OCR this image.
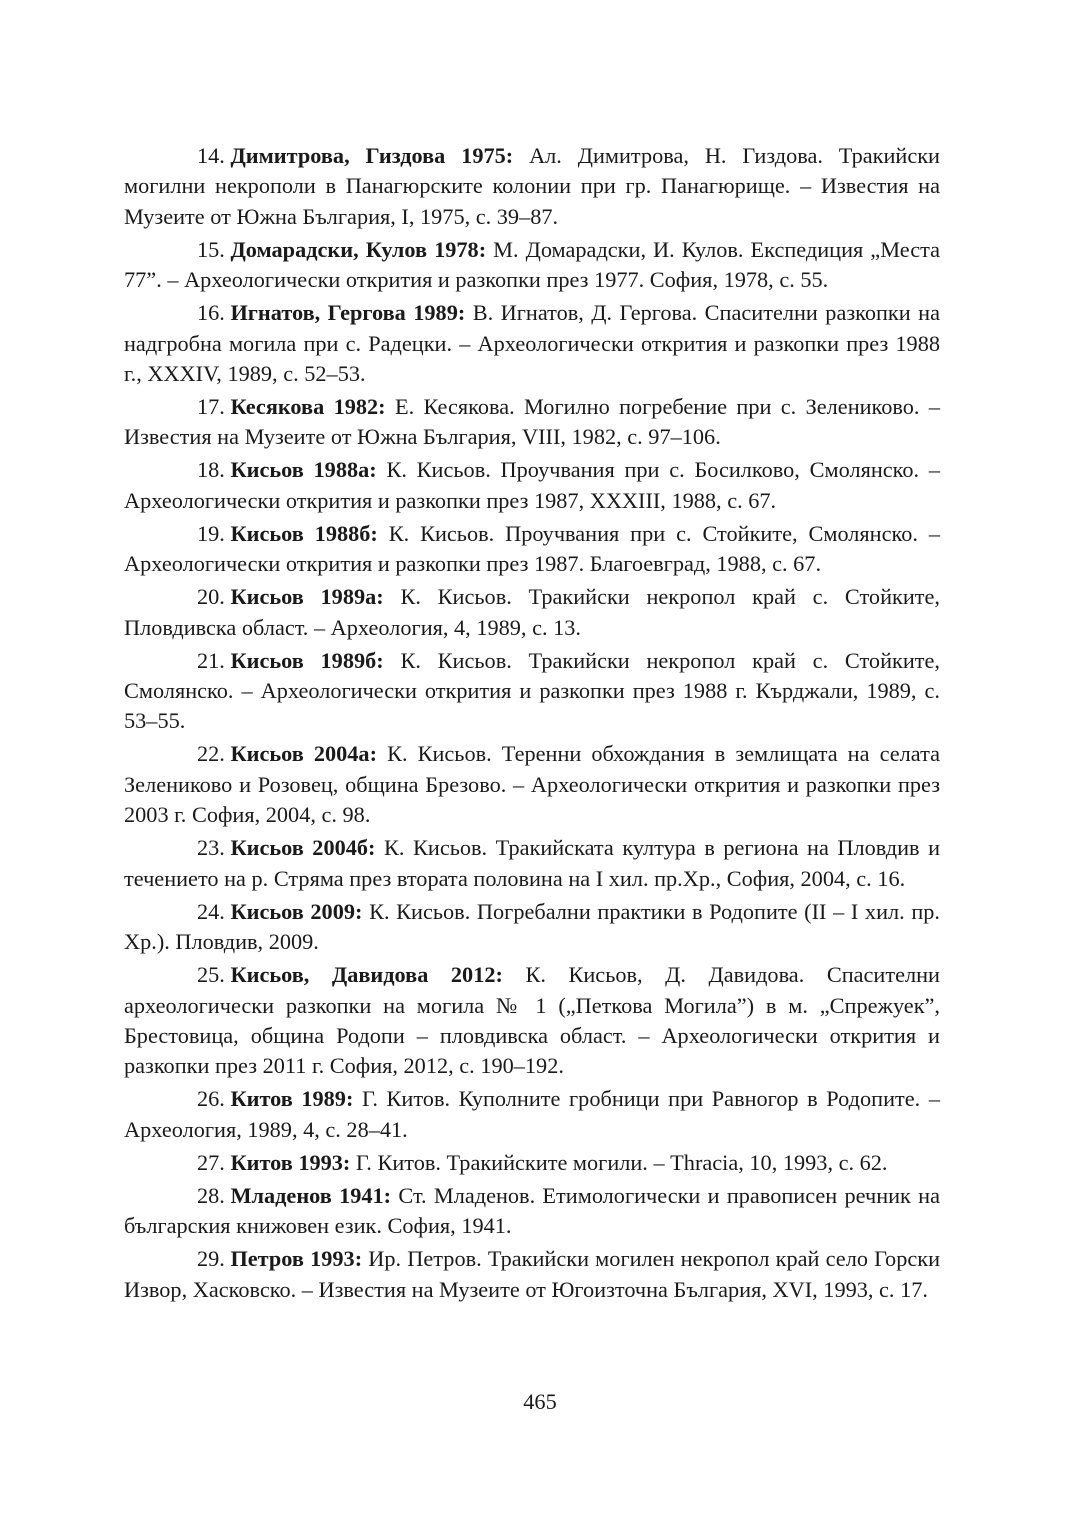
14. Димитрова, Гиздова 1975: Ал. Димитрова, Н. Гиздова. Тракийски могилни некрополи в Панагюрските колонии при гр. Панагюрище. – Известия на Музеите от Южна България, I, 1975, с. 39–87.

15. Домарадски, Кулов 1978: М. Домарадски, И. Кулов. Експедиция „Места 77”. – Археологически открития и разкопки през 1977. София, 1978, с. 55.

16. Игнатов, Гергова 1989: В. Игнатов, Д. Гергова. Спасителни разкопки на надгробна могила при с. Радецки. – Археологически открития и разкопки през 1988 г., XXXIV, 1989, с. 52–53.

17. Кесякова 1982: Е. Кесякова. Могилно погребение при с. Зелениково. – Известия на Музеите от Южна България, VIII, 1982, с. 97–106.

18. Кисьов 1988а: К. Кисьов. Проучвания при с. Босилково, Смолянско. – Археологически открития и разкопки през 1987, XXXIII, 1988, с. 67.

19. Кисьов 1988б: К. Кисьов. Проучвания при с. Стойките, Смолянско. – Археологически открития и разкопки през 1987. Благоевград, 1988, с. 67.

20. Кисьов 1989а: К. Кисьов. Тракийски некропол край с. Стойките, Пловдивска област. – Археология, 4, 1989, с. 13.

21. Кисьов 1989б: К. Кисьов. Тракийски некропол край с. Стойките, Смолянско. – Археологически открития и разкопки през 1988 г. Кърджали, 1989, с. 53–55.

22. Кисьов 2004а: К. Кисьов. Теренни обхождания в землищата на селата Зелениково и Розовец, община Брезово. – Археологически открития и разкопки през 2003 г. София, 2004, с. 98.

23. Кисьов 2004б: К. Кисьов. Тракийската култура в региона на Пловдив и течението на р. Стряма през втората половина на I хил. пр.Хр., София, 2004, с. 16.

24. Кисьов 2009: К. Кисьов. Погребални практики в Родопите (II – I хил. пр. Хр.). Пловдив, 2009.

25. Кисьов, Давидова 2012: К. Кисьов, Д. Давидова. Спасителни археологически разкопки на могила № 1 („Петкова Могила”) в м. „Спрежуек”, Брестовица, община Родопи – пловдивска област. – Археологически открития и разкопки през 2011 г. София, 2012, с. 190–192.

26. Китов 1989: Г. Китов. Куполните гробници при Равногор в Родопите. – Археология, 1989, 4, с. 28–41.

27. Китов 1993: Г. Китов. Тракийските могили. – Thracia, 10, 1993, с. 62.

28. Младенов 1941: Ст. Младенов. Етимологически и правописен речник на българския книжовен език. София, 1941.

29. Петров 1993: Ир. Петров. Тракийски могилен некропол край село Горски Извор, Хасковско. – Известия на Музеите от Югоизточна България, XVI, 1993, с. 17.

465
